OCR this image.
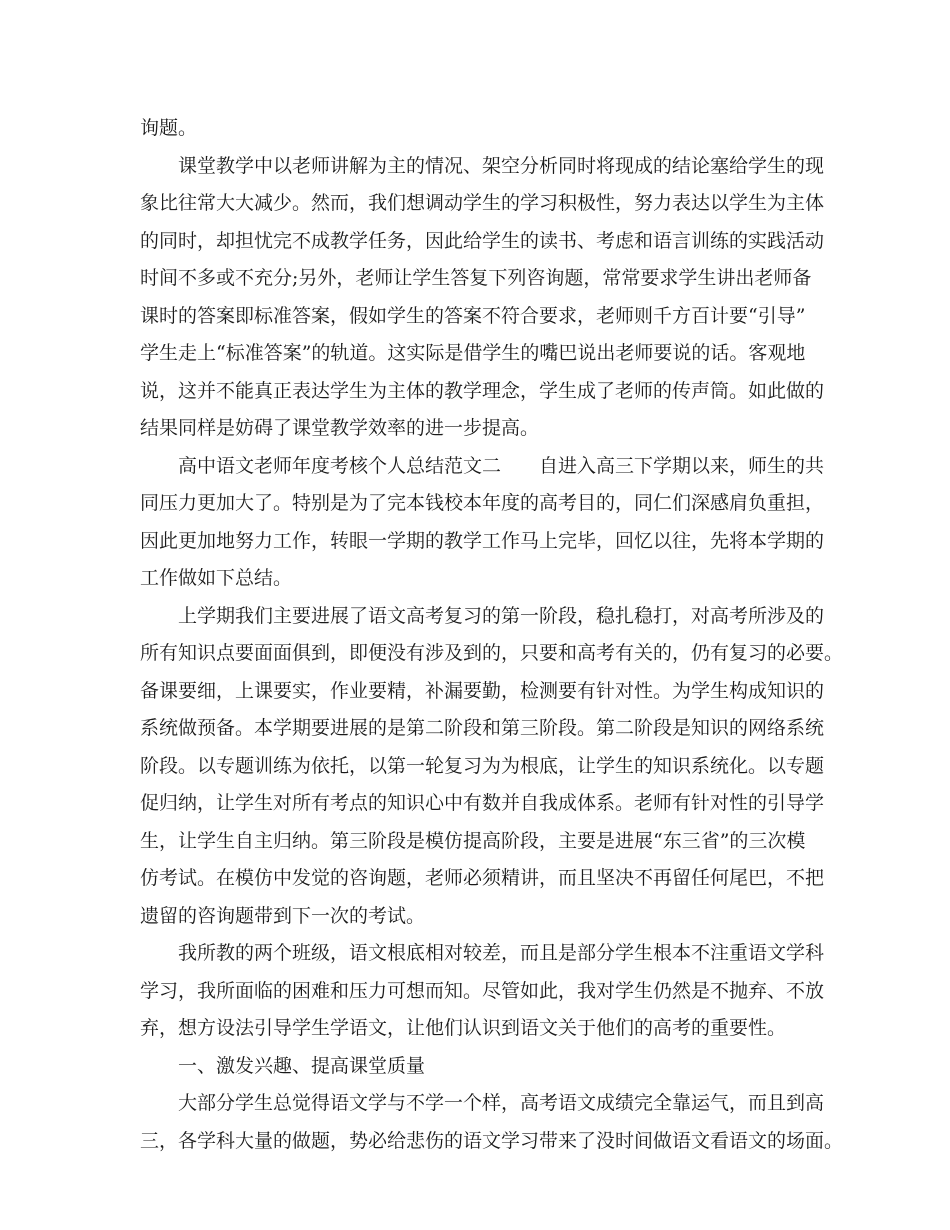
询题。
课堂教学中以老师讲解为主的情况、架空分析同时将现成的结论塞给学生的现
象比往常大大减少。然而，我们想调动学生的学习积极性，努力表达以学生为主体
的同时，却担忧完不成教学任务，因此给学生的读书、考虑和语言训练的实践活动
时间不多或不充分;另外，老师让学生答复下列咨询题，常常要求学生讲出老师备
课时的答案即标准答案，假如学生的答案不符合要求，老师则千方百计要“引导”
学生走上“标准答案”的轨道。这实际是借学生的嘴巴说出老师要说的话。客观地
说，这并不能真正表达学生为主体的教学理念，学生成了老师的传声筒。如此做的
结果同样是妨碍了课堂教学效率的进一步提高。
高中语文老师年度考核个人总结范文二　　自进入高三下学期以来，师生的共
同压力更加大了。特别是为了完本钱校本年度的高考目的，同仁们深感肩负重担，
因此更加地努力工作，转眼一学期的教学工作马上完毕，回忆以往，先将本学期的
工作做如下总结。
上学期我们主要进展了语文高考复习的第一阶段，稳扎稳打，对高考所涉及的
所有知识点要面面俱到，即便没有涉及到的，只要和高考有关的，仍有复习的必要。
备课要细，上课要实，作业要精，补漏要勤，检测要有针对性。为学生构成知识的
系统做预备。本学期要进展的是第二阶段和第三阶段。第二阶段是知识的网络系统
阶段。以专题训练为依托，以第一轮复习为为根底，让学生的知识系统化。以专题
促归纳，让学生对所有考点的知识心中有数并自我成体系。老师有针对性的引导学
生，让学生自主归纳。第三阶段是模仿提高阶段，主要是进展“东三省”的三次模
仿考试。在模仿中发觉的咨询题，老师必须精讲，而且坚决不再留任何尾巴，不把
遗留的咨询题带到下一次的考试。
我所教的两个班级，语文根底相对较差，而且是部分学生根本不注重语文学科
学习，我所面临的困难和压力可想而知。尽管如此，我对学生仍然是不抛弃、不放
弃，想方设法引导学生学语文，让他们认识到语文关于他们的高考的重要性。
一、激发兴趣、提高课堂质量
大部分学生总觉得语文学与不学一个样，高考语文成绩完全靠运气，而且到高
三，各学科大量的做题，势必给悲伤的语文学习带来了没时间做语文看语文的场面。
